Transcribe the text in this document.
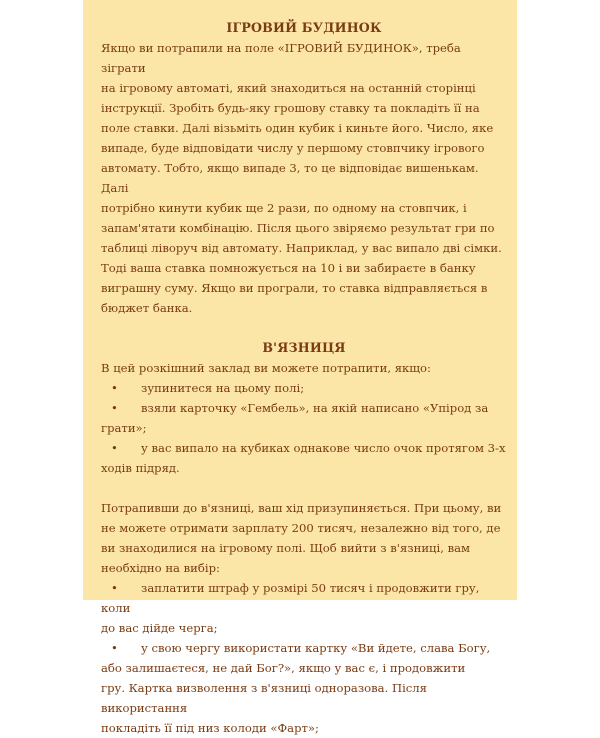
ІГРОВИЙ БУДИНОК
Якщо ви потрапили на поле «ІГРОВИЙ БУДИНОК», треба зіграти
на ігровому автоматі, який знаходиться на останній сторінці
інструкції. Зробіть будь-яку грошову ставку та покладіть її на
поле ставки. Далі візьміть один кубик і киньте його. Число, яке
випаде, буде відповідати числу у першому стовпчику ігрового
автомату. Тобто, якщо випаде 3, то це відповідає вишенькам. Далі
потрібно кинути кубик ще 2 рази, по одному на стовпчик, і
запам'ятати комбінацію. Після цього звіряємо результат гри по
таблиці ліворуч від автомату. Наприклад, у вас випало дві сімки.
Тоді ваша ставка помножується на 10 і ви забираєте в банку
виграшну суму. Якщо ви програли, то ставка відправляється в
бюджет банка.
В'ЯЗНИЦЯ
В цей розкішний заклад ви можете потрапити, якщо:
• зупинитеся на цьому полі;
• взяли карточку «Гембель», на якій написано «Упірод за
грати»;
• у вас випало на кубиках однакове число очок протягом 3-х
ходів підряд.
Потрапивши до в'язниці, ваш хід призупиняється. При цьому, ви
не можете отримати зарплату 200 тисяч, незалежно від того, де
ви знаходилися на ігровому полі. Щоб вийти з в'язниці, вам
необхідно на вибір:
• заплатити штраф у розмірі 50 тисяч і продовжити гру, коли
до вас дійде черга;
• у свою чергу використати картку «Ви йдете, слава Богу,
або залишаєтеся, не дай Бог?», якщо у вас є, і продовжити
гру. Картка визволення з в'язниці одноразова. Після використання
покладіть її під низ колоди «Фарт»;
